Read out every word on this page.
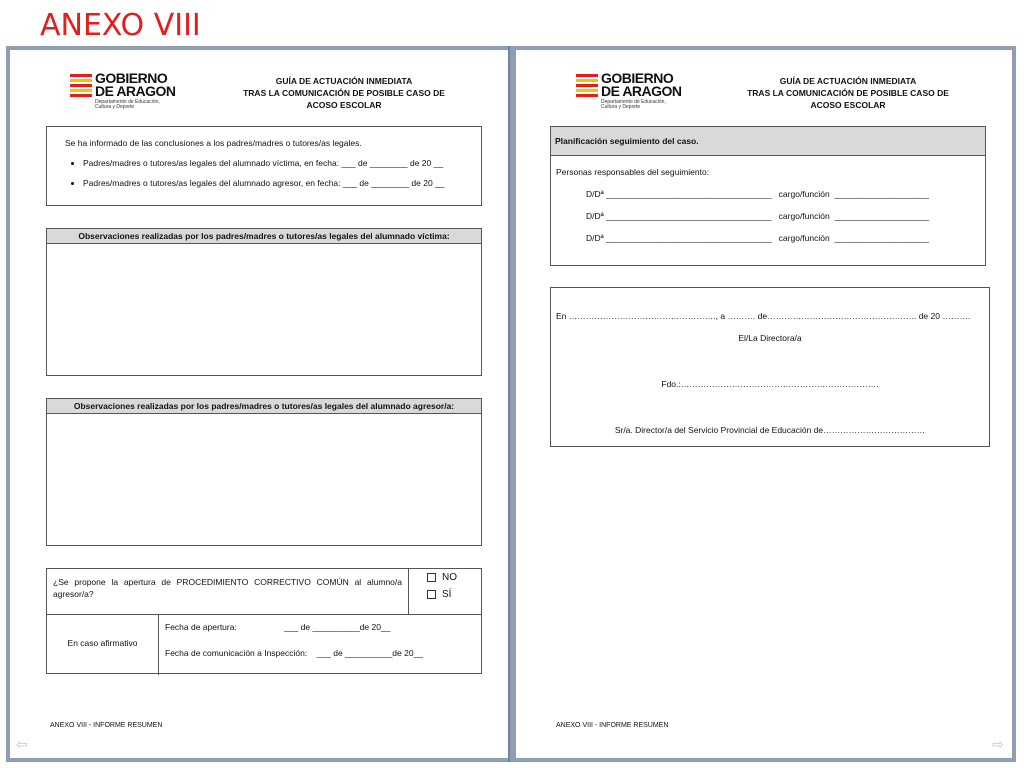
ANEXO VIII
GOBIERNO
DE ARAGON
Departamento de Educación,
Cultura y Deporte
GUÍA DE ACTUACIÓN INMEDIATA
TRAS LA COMUNICACIÓN DE POSIBLE CASO DE
ACOSO ESCOLAR

Se ha informado de las conclusiones a los padres/madres o tutores/as legales.

• Padres/madres o tutores/as legales del alumnado víctima, en fecha: ___ de ________ de 20 __
• Padres/madres o tutores/as legales del alumnado agresor, en fecha: ___ de ________ de 20 __
Observaciones realizadas por los padres/madres o tutores/as legales del alumnado víctima:
Observaciones realizadas por los padres/madres o tutores/as legales del alumnado agresor/a:
¿Se propone la apertura de PROCEDIMIENTO CORRECTIVO COMÚN al alumno/a agresor/a?
NO
SÍ
En caso afirmativo
Fecha de apertura:                    ___ de __________de 20__
Fecha de comunicación a Inspección:    ___ de __________de 20__
ANEXO VIII - INFORME RESUMEN
GOBIERNO
DE ARAGON
Departamento de Educación,
Cultura y Deporte
GUÍA DE ACTUACIÓN INMEDIATA
TRAS LA COMUNICACIÓN DE POSIBLE CASO DE
ACOSO ESCOLAR
Planificación seguimiento del caso.
Personas responsables del seguimiento:
D/Dª ___________________________________   cargo/función  ____________________
D/Dª ___________________________________   cargo/función  ____________________
D/Dª ___________________________________   cargo/función  ____________________
En ……………………………………………., a ………. de…………………………………………….. de 20 ……….
El/La Directora/a
Fdo.:…………………………………………………………….
Sr/a. Director/a del Servicio Provincial de Educación de………………………………
ANEXO VIII - INFORME RESUMEN
⇦	⇨
